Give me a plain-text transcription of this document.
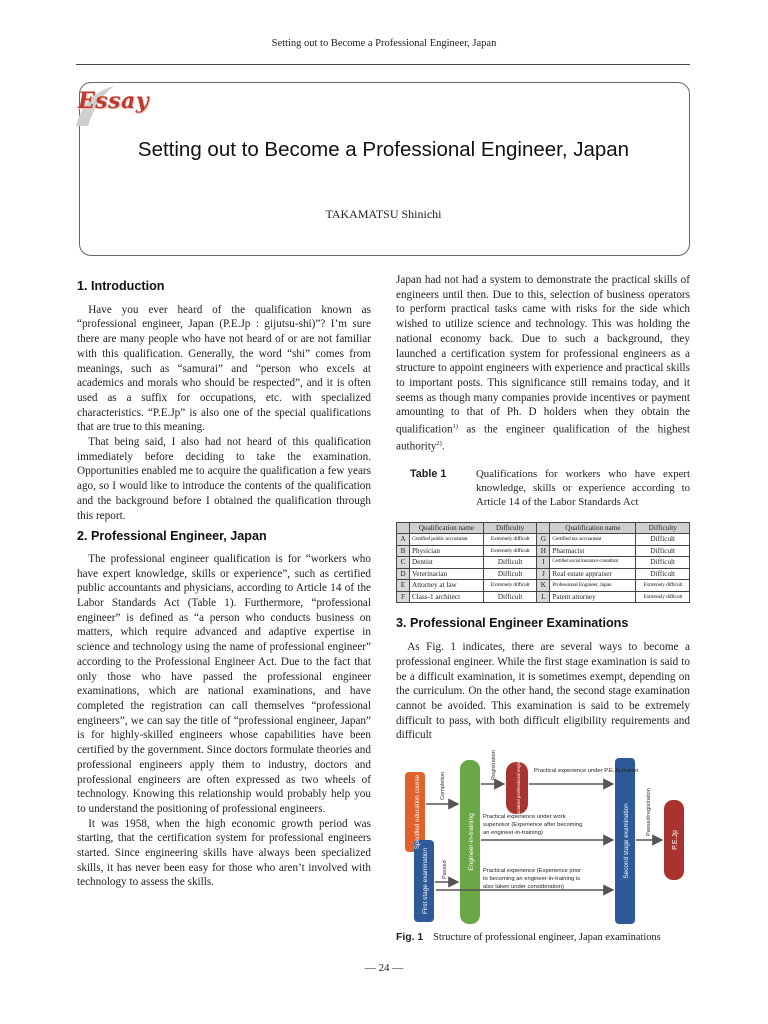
Setting out to Become a Professional Engineer, Japan
Essay
Setting out to Become a Professional Engineer, Japan
TAKAMATSU Shinichi
1. Introduction

Have you ever heard of the qualification known as “professional engineer, Japan (P.E.Jp : gijutsu-shi)”? I’m sure there are many people who have not heard of or are not familiar with this qualification. Generally, the word “shi” comes from meanings, such as “samurai” and “person who excels at academics and morals who should be respected”, and it is often used as a suffix for occupations, etc. with specialized characteristics. “P.E.Jp” is also one of the special qualifications that are true to this meaning.

That being said, I also had not heard of this qualification immediately before deciding to take the examination. Opportunities enabled me to acquire the qualification a few years ago, so I would like to introduce the contents of the qualification and the background before I obtained the qualification through this report.

2. Professional Engineer, Japan

The professional engineer qualification is for “workers who have expert knowledge, skills or experience”, such as certified public accountants and physicians, according to Article 14 of the Labor Standards Act (Table 1). Furthermore, “professional engineer” is defined as “a person who conducts business on matters, which require advanced and adaptive expertise in science and technology using the name of professional engineer” according to the Professional Engineer Act. Due to the fact that only those who have passed the professional engineer examinations, which are national examinations, and have completed the registration can call themselves “professional engineers”, we can say the title of “professional engineer, Japan” is for highly-skilled engineers whose capabilities have been certified by the government. Since doctors formulate theories and professional engineers apply them to industry, doctors and professional engineers are often expressed as two wheels of technology. Knowing this relationship would probably help you to understand the positioning of professional engineers.

It was 1958, when the high economic growth period was starting, that the certification system for professional engineers started. Since engineering skills have always been specialized skills, it has never been easy for those who aren’t involved with technology to assess the skills.

Japan had not had a system to demonstrate the practical skills of engineers until then. Due to this, selection of business operators to perform practical tasks came with risks for the side which wished to utilize science and technology. This was holding the national economy back. Due to such a background, they launched a certification system for professional engineers as a structure to appoint engineers with experience and practical skills to important posts. This significance still remains today, and it seems as though many companies provide incentives or payment amounting to that of Ph. D holders when they obtain the qualification$^{1)}$ as the engineer qualification of the highest authority$^{2)}$.

Table 1	Qualifications for workers who have expert knowledge, skills or experience according to Article 14 of the Labor Standards Act
	Qualification name	Difficulty		Qualification name	Difficulty
A	Certified public accountant	Extremely difficult	G	Certified tax accountant	Difficult
B	Physician	Extremely difficult	H	Pharmacist	Difficult
C	Dentist	Difficult	I	Certified social insurance consultant	Difficult
D	Veterinarian	Difficult	J	Real estate appraiser	Difficult
E	Attorney at law	Extremely difficult	K	Professional Engineer, Japan	Extremely difficult
F	Class-1 architect	Difficult	L	Patent attorney	Extremely difficult
3. Professional Engineer Examinations

As Fig. 1 indicates, there are several ways to become a professional engineer. While the first stage examination is said to be a difficult examination, it is sometimes exempt, depending on the curriculum. On the other hand, the second stage examination cannot be avoided. This examination is said to be extremely difficult to pass, with both difficult eligibility requirements and difficult

Specified education course
First stage examination
Engineer-in-training
Associated professional engineer
Second stage examination	P.E.Jp
Completion
Passed
Registration
Passed/registration
Practical experience under P.E.Jp trainer
Practical experience under work
supervisor (Experience after becoming
an engineer-in-training)
Practical experience (Experience prior
to becoming an engineer-in-training is
also taken under consideration)
Fig. 1 Structure of professional engineer, Japan examinations
— 24 —
